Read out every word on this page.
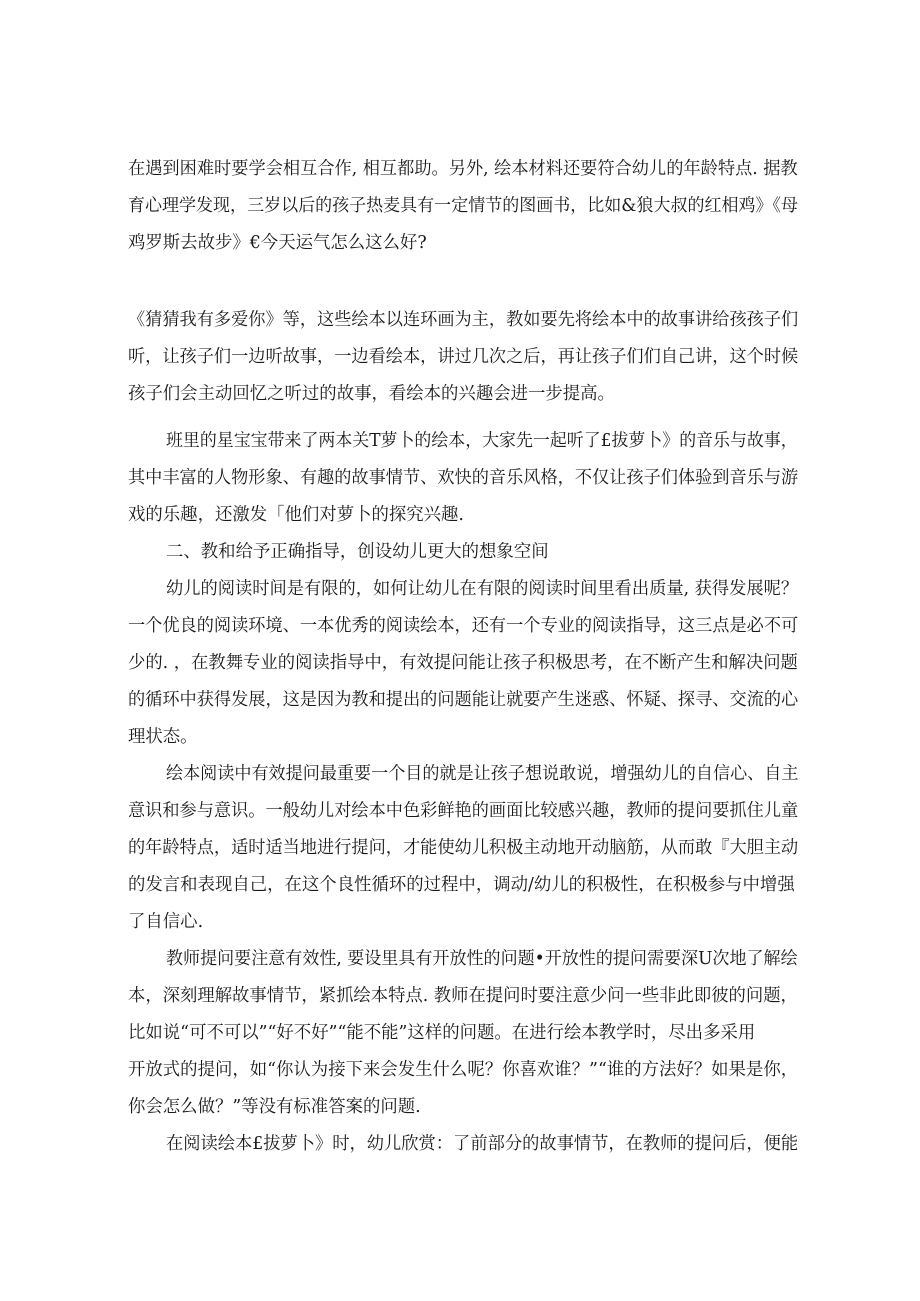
在遇到困难时要学会相互合作, 相互都助。另外, 绘本材料还要符合幼儿的年龄特点. 据教
育心理学发现，三岁以后的孩子热麦具有一定情节的图画书，比如&狼大叔的红相鸡》《母
鸡罗斯去故步》€今天运气怎么这么好?

《猜猜我有多爱你》等，这些绘本以连环画为主，教如要先将绘本中的故事讲给孩孩子们
听，让孩子们一边听故事，一边看绘本，讲过几次之后，再让孩子们们自己讲，这个时候
孩子们会主动回忆之听过的故事，看绘本的兴趣会进一步提高。

班里的星宝宝带来了两本关T萝卜的绘本，大家先一起听了£拔萝卜》的音乐与故事，

其中丰富的人物形象、有趣的故事情节、欢快的音乐风格，不仅让孩子们体验到音乐与游
戏的乐趣，还激发「他们对萝卜的探究兴趣.

二、教和给予正确指导，创设幼儿更大的想象空间

幼儿的阅读时间是有限的，如何让幼儿在有限的阅读时间里看出质量, 获得发展呢？

一个优良的阅读环境、一本优秀的阅读绘本，还有一个专业的阅读指导，这三点是必不可
少的. ，在教舞专业的阅读指导中，有效提问能让孩子积极思考，在不断产生和解决问题
的循环中获得发展，这是因为教和提出的问题能让就要产生迷惑、怀疑、探寻、交流的心
理状态。

绘本阅读中有效提问最重要一个目的就是让孩子想说敢说，增强幼儿的自信心、自主

意识和参与意识。一般幼儿对绘本中色彩鲜艳的画面比较感兴趣，教师的提问要抓住儿童
的年龄特点，适时适当地进行提问，才能使幼儿积极主动地开动脑筋，从而敢『大胆主动
的发言和表现自己，在这个良性循环的过程中，调动/幼儿的积极性，在积极参与中增强
了自信心.

教师提问要注意有效性, 要设里具有开放性的问题•开放性的提问需要深U次地了解绘

本，深刻理解故事情节，紧抓绘本特点. 教师在提问时要注意少问一些非此即彼的问题，
比如说“可不可以”“好不好”“能不能”这样的问题。在进行绘本教学时，尽出多采用
开放式的提问，如“你认为接下来会发生什么呢？你喜欢谁？”“谁的方法好？如果是你，
你会怎么做？”等没有标准答案的问题.

在阅读绘本£拔萝卜》时，幼儿欣赏：了前部分的故事情节，在教师的提问后，便能
